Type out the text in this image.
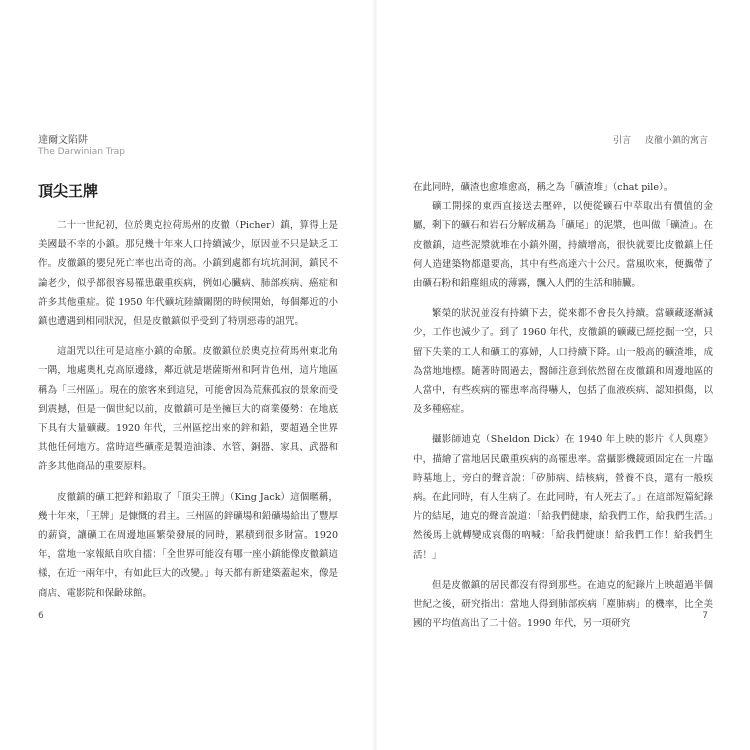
達爾文陷阱
The Darwinian Trap
頂尖王牌

二十一世紀初，位於奧克拉荷馬州的皮徹（Picher）鎮，算得上是美國最不幸的小鎮。那兒幾十年來人口持續減少，原因並不只是缺乏工作。皮徹鎮的嬰兒死亡率也出奇的高。小鎮到處都有坑坑洞洞，鎮民不論老少，似乎都很容易罹患嚴重疾病，例如心臟病、肺部疾病、癌症和許多其他重症。從 1950 年代礦坑陸續關閉的時候開始，每個鄰近的小鎮也遭遇到相同狀況，但是皮徹鎮似乎受到了特別惡毒的詛咒。

這詛咒以往可是這座小鎮的命脈。皮徹鎮位於奧克拉荷馬州東北角一隅，地處奧札克高原邊緣，鄰近就是堪薩斯州和阿肯色州，這片地區稱為「三州區」。現在的旅客來到這兒，可能會因為荒蕪孤寂的景象而受到震撼，但是一個世紀以前，皮徹鎮可是坐擁巨大的商業優勢：在地底下具有大量礦藏。1920 年代，三州區挖出來的鋅和鉛，要超過全世界其他任何地方。當時這些礦產是製造油漆、水管、銅器、家具、武器和許多其他商品的重要原料。

皮徹鎮的礦工把鋅和鉛取了「頂尖王牌」（King Jack）這個暱稱，幾十年來，「王牌」是慷慨的君主。三州區的鋅礦場和鉛礦場給出了豐厚的薪資，讓礦工在周邊地區繁榮發展的同時，累積到很多財富。1920 年，當地一家報紙自吹自擂：「全世界可能沒有哪一座小鎮能像皮徹鎮這樣，在近一兩年中，有如此巨大的改變。」每天都有新建築蓋起來，像是商店、電影院和保齡球館。

6
引言 皮徹小鎮的寓言

在此同時，礦渣也愈堆愈高，稱之為「礦渣堆」（chat pile）。

礦工開採的東西直接送去壓碎，以便從礦石中萃取出有價值的金屬，剩下的礦石和岩石分解成稱為「礦尾」的泥漿，也叫做「礦渣」。在皮徹鎮，這些泥漿就堆在小鎮外圍，持續增高，很快就要比皮徹鎮上任何人造建築物都還要高，其中有些高達六十公尺。當風吹來，便攜帶了由礦石粉和鉛塵組成的薄霧，飄入人們的生活和肺臟。

繁榮的狀況並沒有持續下去，從來都不會長久持續。當礦藏逐漸減少，工作也減少了。到了 1960 年代，皮徹鎮的礦藏已經挖掘一空，只留下失業的工人和礦工的寡婦，人口持續下降。山一般高的礦渣堆，成為當地地標。隨著時間過去，醫師注意到依然留在皮徹鎮和周邊地區的人當中，有些疾病的罹患率高得嚇人，包括了血液疾病、認知損傷，以及多種癌症。

攝影師迪克（Sheldon Dick）在 1940 年上映的影片《人與塵》中，描繪了當地居民嚴重疾病的高罹患率。當攝影機鏡頭固定在一片臨時墓地上，旁白的聲音說：「矽肺病、結核病，營養不良，還有一般疾病。在此同時，有人生病了。在此同時，有人死去了。」在這部短篇紀錄片的結尾，迪克的聲音說道：「給我們健康，給我們工作，給我們生活。」然後馬上就轉變成哀傷的吶喊：「給我們健康！給我們工作！給我們生活！」

但是皮徹鎮的居民都沒有得到那些。在迪克的紀錄片上映超過半個世紀之後，研究指出：當地人得到肺部疾病「塵肺病」的機率，比全美國的平均值高出了二十倍。1990 年代，另一項研究

7
